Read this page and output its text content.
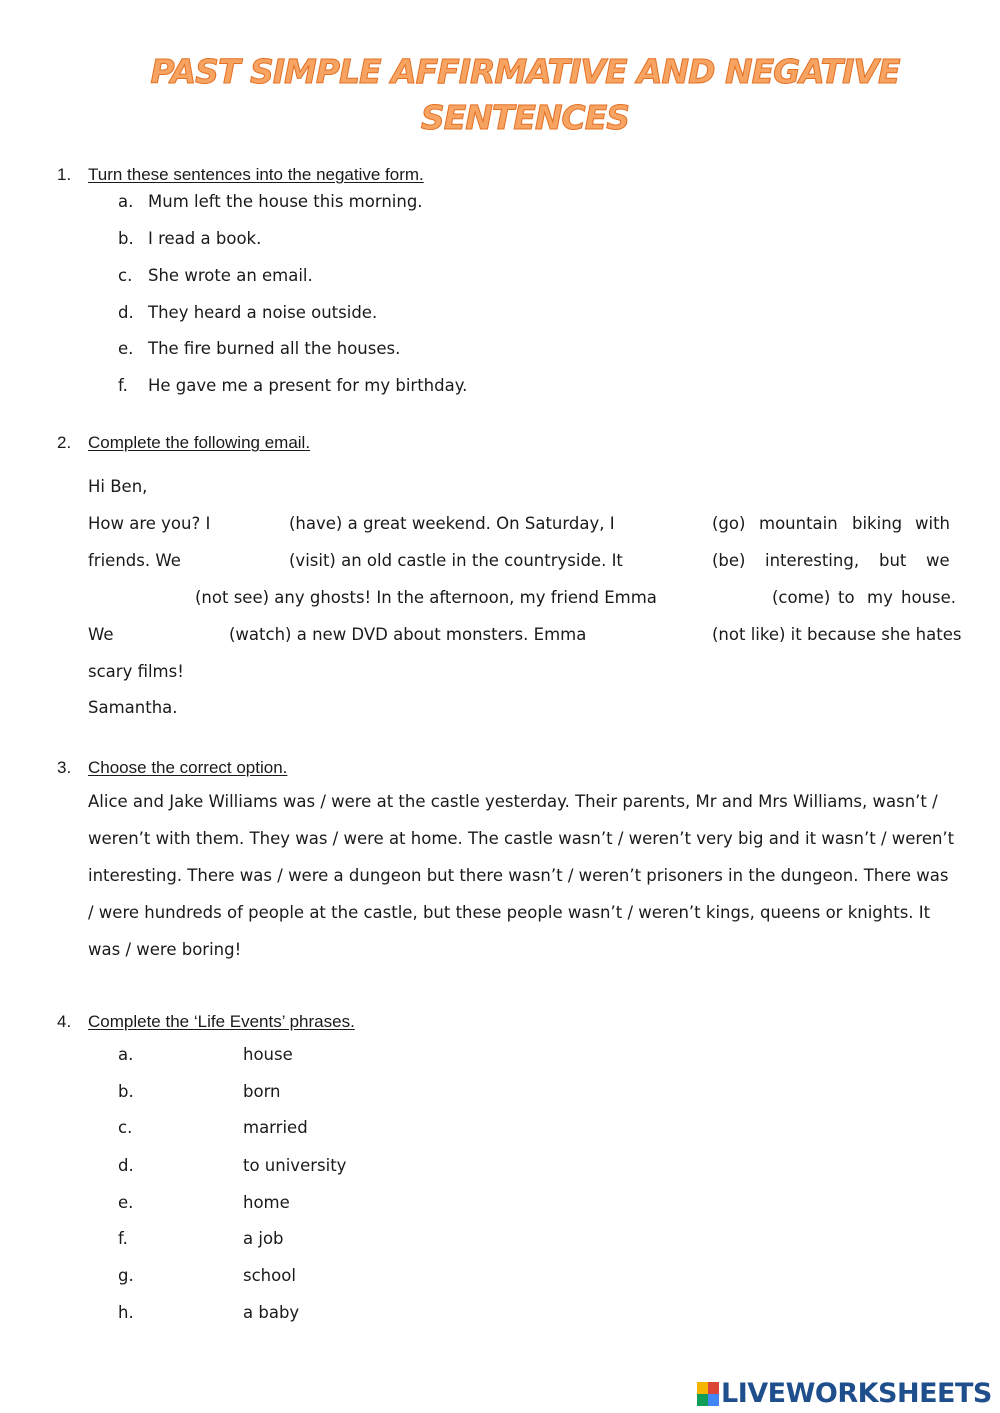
PAST SIMPLE AFFIRMATIVE AND NEGATIVE
SENTENCES
1. Turn these sentences into the negative form.
a. Mum left the house this morning.
b. I read a book.
c. She wrote an email.
d. They heard a noise outside.
e. The fire burned all the houses.
f. He gave me a present for my birthday.
2. Complete the following email.
Hi Ben,
How are you? I	(have) a great weekend. On Saturday, I	(go) mountain biking with
friends. We	(visit) an old castle in the countryside. It	(be) interesting, but we
(not see) any ghosts! In the afternoon, my friend Emma	(come) to my house.
We	(watch) a new DVD about monsters. Emma	(not like) it because she hates
scary films!
Samantha.
3. Choose the correct option.
Alice and Jake Williams was / were at the castle yesterday. Their parents, Mr and Mrs Williams, wasn’t /
weren’t with them. They was / were at home. The castle wasn’t / weren’t very big and it wasn’t / weren’t
interesting. There was / were a dungeon but there wasn’t / weren’t prisoners in the dungeon. There was
/ were hundreds of people at the castle, but these people wasn’t / weren’t kings, queens or knights. It
was / were boring!
4. Complete the ‘Life Events’ phrases.
a.	house
b.	born
c.	married
d.	to university
e.	home
f.	a job
g.	school
h.	a baby
LIVEWORKSHEETS
